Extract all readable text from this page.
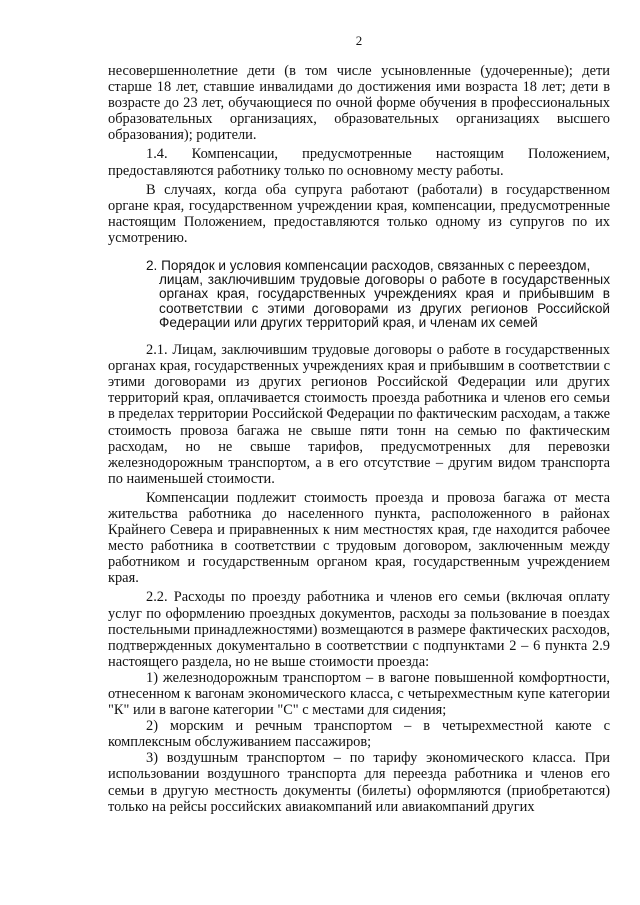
2

несовершеннолетние дети (в том числе усыновленные (удочеренные); дети старше 18 лет, ставшие инвалидами до достижения ими возраста 18 лет; дети в возрасте до 23 лет, обучающиеся по очной форме обучения в профессиональных образовательных организациях, образовательных организациях высшего образования); родители.

1.4. Компенсации, предусмотренные настоящим Положением, предоставляются работнику только по основному месту работы.

В случаях, когда оба супруга работают (работали) в государственном органе края, государственном учреждении края, компенсации, предусмотренные настоящим Положением, предоставляются только одному из супругов по их усмотрению.

2. Порядок и условия компенсации расходов, связанных с переездом,
лицам, заключившим трудовые договоры о работе в государственных органах края, государственных учреждениях края и прибывшим в соответствии с этими договорами из других регионов Российской Федерации или других территорий края, и членам их семей

2.1. Лицам, заключившим трудовые договоры о работе в государственных органах края, государственных учреждениях края и прибывшим в соответствии с этими договорами из других регионов Российской Федерации или других территорий края, оплачивается стоимость проезда работника и членов его семьи в пределах территории Российской Федерации по фактическим расходам, а также стоимость провоза багажа не свыше пяти тонн на семью по фактическим расходам, но не свыше тарифов, предусмотренных для перевозки железнодорожным транспортом, а в его отсутствие – другим видом транспорта по наименьшей стоимости.

Компенсации подлежит стоимость проезда и провоза багажа от места жительства работника до населенного пункта, расположенного в районах Крайнего Севера и приравненных к ним местностях края, где находится рабочее место работника в соответствии с трудовым договором, заключенным между работником и государственным органом края, государственным учреждением края.

2.2. Расходы по проезду работника и членов его семьи (включая оплату услуг по оформлению проездных документов, расходы за пользование в поездах постельными принадлежностями) возмещаются в размере фактических расходов, подтвержденных документально в соответствии с подпунктами 2 – 6 пункта 2.9 настоящего раздела, но не выше стоимости проезда:

1) железнодорожным транспортом – в вагоне повышенной комфортности, отнесенном к вагонам экономического класса, с четырехместным купе категории "К" или в вагоне категории "С" с местами для сидения;

2) морским и речным транспортом – в четырехместной каюте с комплексным обслуживанием пассажиров;

3) воздушным транспортом – по тарифу экономического класса. При использовании воздушного транспорта для переезда работника и членов его семьи в другую местность документы (билеты) оформляются (приобретаются) только на рейсы российских авиакомпаний или авиакомпаний других
